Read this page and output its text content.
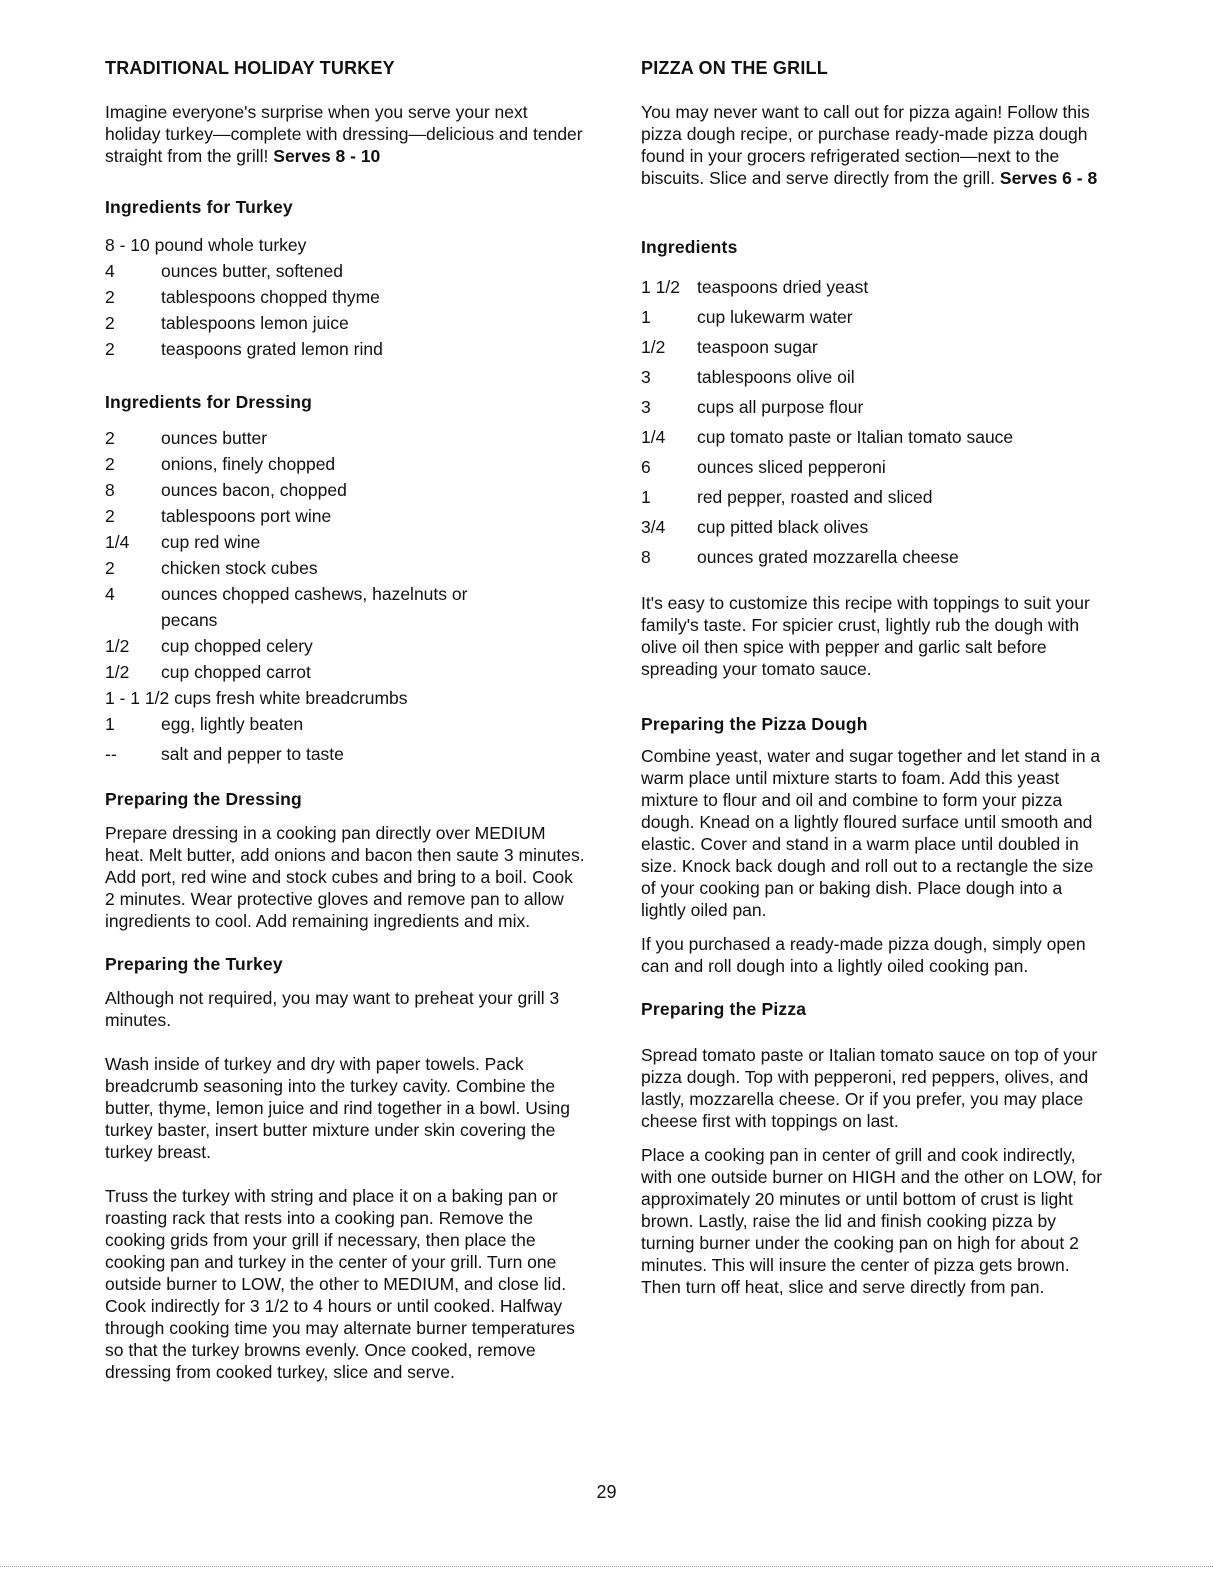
TRADITIONAL HOLIDAY TURKEY

Imagine everyone's surprise when you serve your next holiday turkey—complete with dressing—delicious and tender straight from the grill! Serves 8 - 10

Ingredients for Turkey
8 - 10 pound whole turkey
4	ounces butter, softened
2	tablespoons chopped thyme
2	tablespoons lemon juice
2	teaspoons grated lemon rind
Ingredients for Dressing
2	ounces butter
2	onions, finely chopped
8	ounces bacon, chopped
2	tablespoons port wine
1/4	cup red wine
2	chicken stock cubes
4	ounces chopped cashews, hazelnuts or pecans
1/2	cup chopped celery
1/2	cup chopped carrot
1 - 1 1/2 cups fresh white breadcrumbs
1	egg, lightly beaten
--	salt and pepper to taste
Preparing the Dressing

Prepare dressing in a cooking pan directly over MEDIUM heat. Melt butter, add onions and bacon then saute 3 minutes. Add port, red wine and stock cubes and bring to a boil. Cook 2 minutes. Wear protective gloves and remove pan to allow ingredients to cool. Add remaining ingredients and mix.

Preparing the Turkey

Although not required, you may want to preheat your grill 3 minutes.

Wash inside of turkey and dry with paper towels. Pack breadcrumb seasoning into the turkey cavity. Combine the butter, thyme, lemon juice and rind together in a bowl. Using turkey baster, insert butter mixture under skin covering the turkey breast.

Truss the turkey with string and place it on a baking pan or roasting rack that rests into a cooking pan. Remove the cooking grids from your grill if necessary, then place the cooking pan and turkey in the center of your grill. Turn one outside burner to LOW, the other to MEDIUM, and close lid. Cook indirectly for 3 1/2 to 4 hours or until cooked. Halfway through cooking time you may alternate burner temperatures so that the turkey browns evenly. Once cooked, remove dressing from cooked turkey, slice and serve.

PIZZA ON THE GRILL

You may never want to call out for pizza again! Follow this pizza dough recipe, or purchase ready-made pizza dough found in your grocers refrigerated section—next to the biscuits. Slice and serve directly from the grill. Serves 6 - 8

Ingredients
1 1/2 teaspoons dried yeast
1	cup lukewarm water
1/2	teaspoon sugar
3	tablespoons olive oil
3	cups all purpose flour
1/4	cup tomato paste or Italian tomato sauce
6	ounces sliced pepperoni
1	red pepper, roasted and sliced
3/4	cup pitted black olives
8	ounces grated mozzarella cheese

It's easy to customize this recipe with toppings to suit your family's taste. For spicier crust, lightly rub the dough with olive oil then spice with pepper and garlic salt before spreading your tomato sauce.

Preparing the Pizza Dough

Combine yeast, water and sugar together and let stand in a warm place until mixture starts to foam. Add this yeast mixture to flour and oil and combine to form your pizza dough. Knead on a lightly floured surface until smooth and elastic. Cover and stand in a warm place until doubled in size. Knock back dough and roll out to a rectangle the size of your cooking pan or baking dish. Place dough into a lightly oiled pan.

If you purchased a ready-made pizza dough, simply open can and roll dough into a lightly oiled cooking pan.

Preparing the Pizza

Spread tomato paste or Italian tomato sauce on top of your pizza dough. Top with pepperoni, red peppers, olives, and lastly, mozzarella cheese. Or if you prefer, you may place cheese first with toppings on last.

Place a cooking pan in center of grill and cook indirectly, with one outside burner on HIGH and the other on LOW, for approximately 20 minutes or until bottom of crust is light brown. Lastly, raise the lid and finish cooking pizza by turning burner under the cooking pan on high for about 2 minutes. This will insure the center of pizza gets brown. Then turn off heat, slice and serve directly from pan.

29
